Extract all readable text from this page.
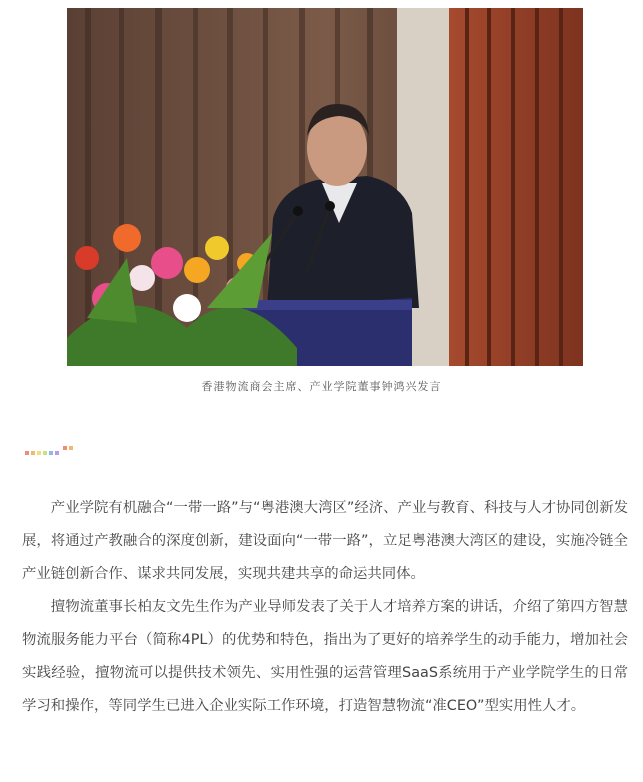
香港物流商会主席、产业学院董事钟鸿兴发言

产业学院有机融合“一带一路”与“粤港澳大湾区”经济、产业与教育、科技与人才协同创新发展，将通过产教融合的深度创新，建设面向“一带一路”，立足粤港澳大湾区的建设，实施冷链全产业链创新合作、谋求共同发展，实现共建共享的命运共同体。

擅物流董事长柏友文先生作为产业导师发表了关于人才培养方案的讲话，介绍了第四方智慧物流服务能力平台（简称4PL）的优势和特色，指出为了更好的培养学生的动手能力，增加社会实践经验，擅物流可以提供技术领先、实用性强的运营管理SaaS系统用于产业学院学生的日常学习和操作，等同学生已进入企业实际工作环境，打造智慧物流“准CEO”型实用性人才。
